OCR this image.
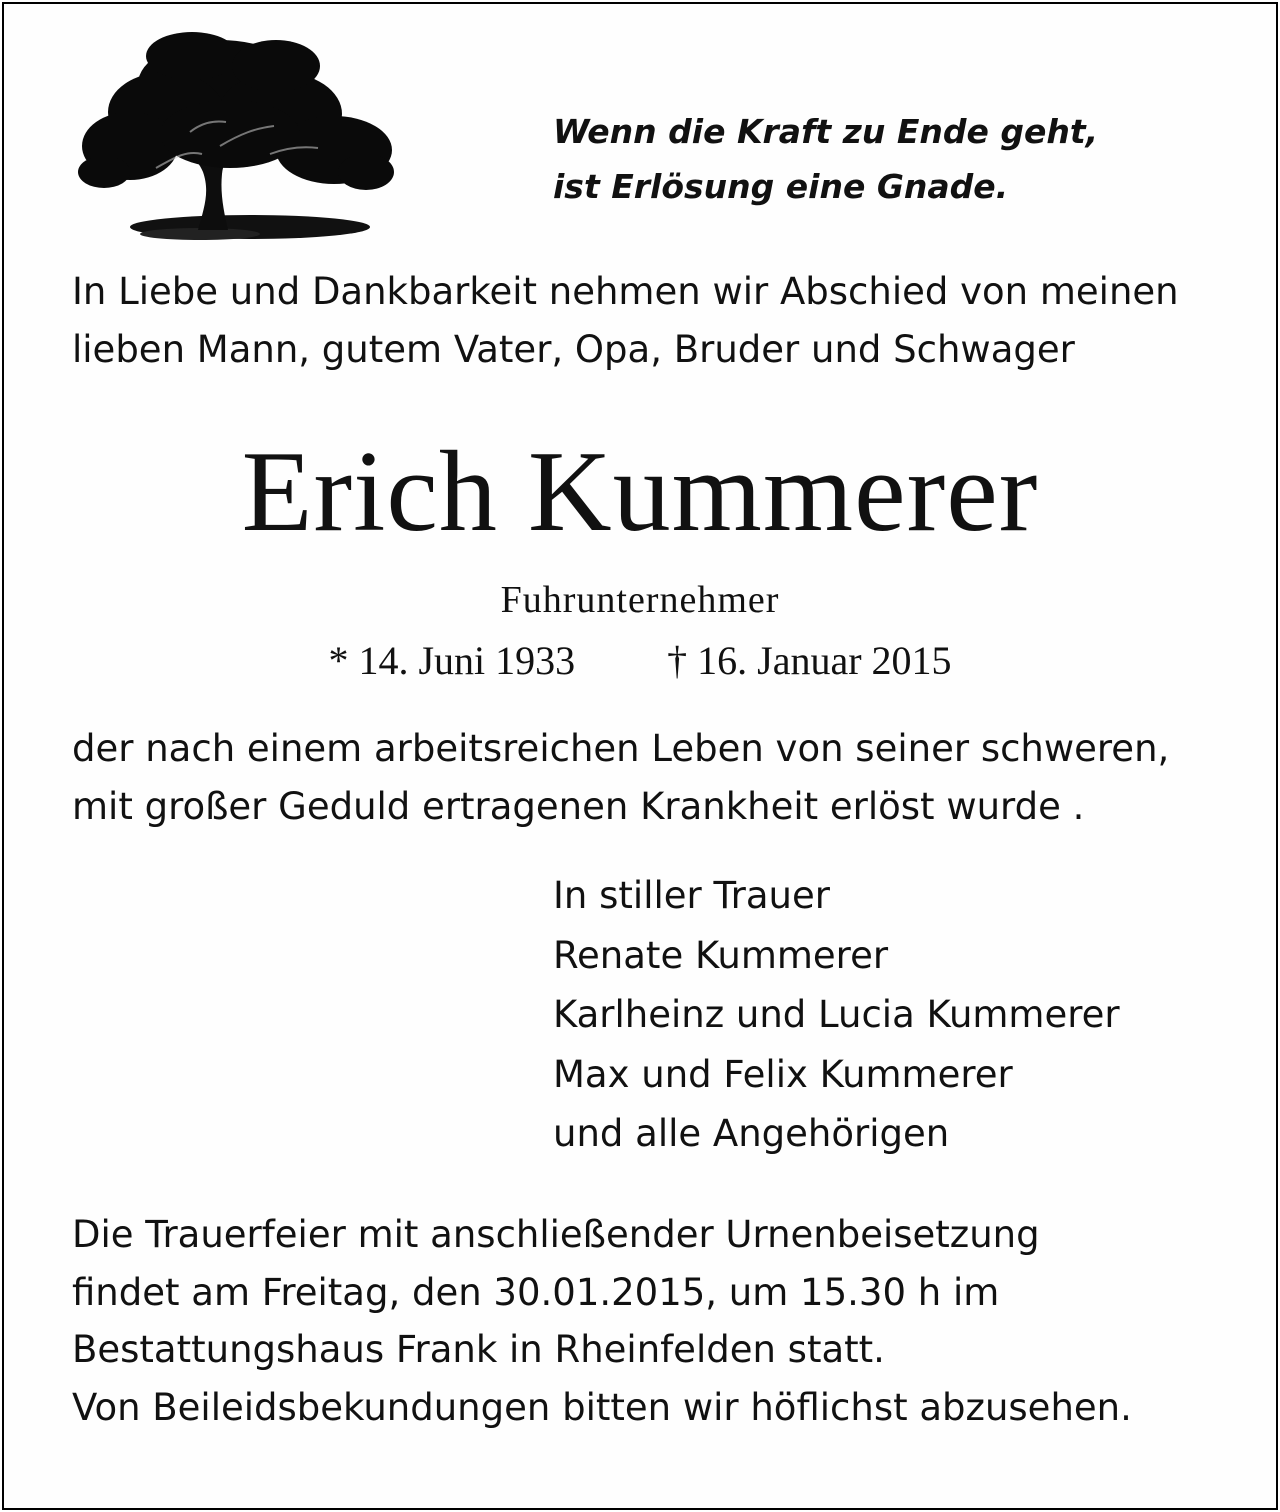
Wenn die Kraft zu Ende geht,
ist Erlösung eine Gnade.
In Liebe und Dankbarkeit nehmen wir Abschied von meinen
lieben Mann, gutem Vater, Opa, Bruder und Schwager
Erich Kummerer
Fuhrunternehmer
* 14. Juni 1933 † 16. Januar 2015
der nach einem arbeitsreichen Leben von seiner schweren,
mit großer Geduld ertragenen Krankheit erlöst wurde .
In stiller Trauer
Renate Kummerer
Karlheinz und Lucia Kummerer
Max und Felix Kummerer
und alle Angehörigen
Die Trauerfeier mit anschließender Urnenbeisetzung
findet am Freitag, den 30.01.2015, um 15.30 h im
Bestattungshaus Frank in Rheinfelden statt.
Von Beileidsbekundungen bitten wir höflichst abzusehen.
